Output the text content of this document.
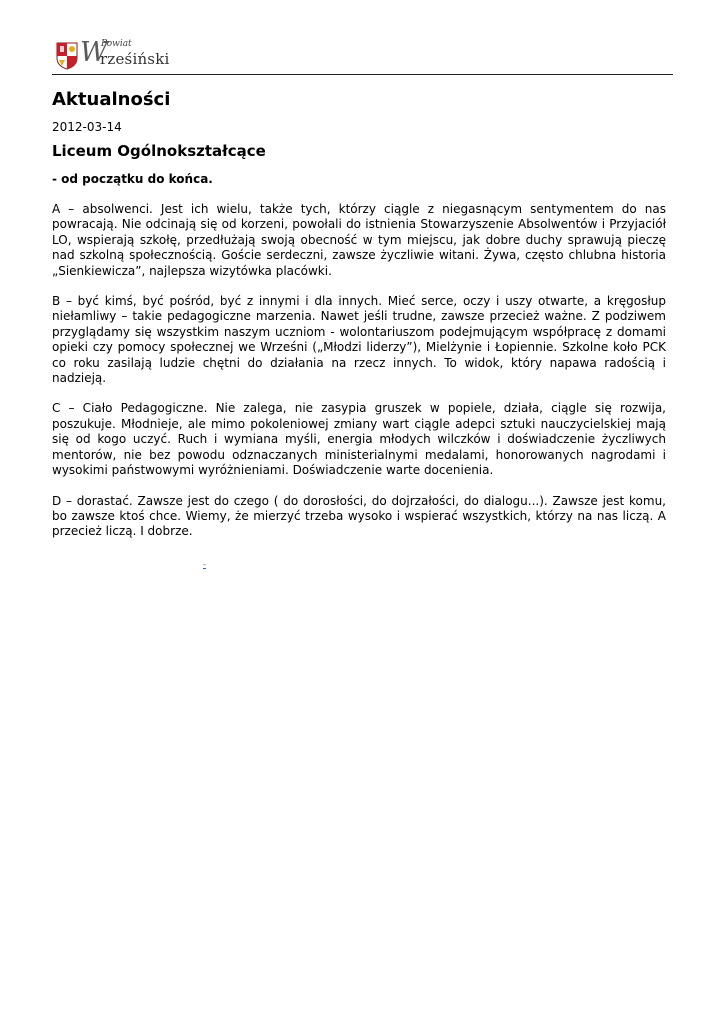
W
Powiat
rześiński
Aktualności
2012-03-14
Liceum Ogólnokształcące
- od początku do końca.

A – absolwenci. Jest ich wielu, także tych, którzy ciągle z niegasnącym sentymentem do nas powracają. Nie odcinają się od korzeni, powołali do istnienia Stowarzyszenie Absolwentów i Przyjaciół LO, wspierają szkołę, przedłużają swoją obecność w tym miejscu, jak dobre duchy sprawują pieczę nad szkolną społecznością. Goście serdeczni, zawsze życzliwie witani. Żywa, często chlubna historia „Sienkiewicza”, najlepsza wizytówka placówki.

B – być kimś, być pośród, być z innymi i dla innych. Mieć serce, oczy i uszy otwarte, a kręgosłup niełamliwy – takie pedagogiczne marzenia. Nawet jeśli trudne, zawsze przecież ważne. Z podziwem przyglądamy się wszystkim naszym uczniom - wolontariuszom podejmującym współpracę z domami opieki czy pomocy społecznej we Wrześni („Młodzi liderzy”), Mielżynie i Łopiennie. Szkolne koło PCK co roku zasilają ludzie chętni do działania na rzecz innych. To widok, który napawa radością i nadzieją.

C – Ciało Pedagogiczne. Nie zalega, nie zasypia gruszek w popiele, działa, ciągle się rozwija, poszukuje. Młodnieje, ale mimo pokoleniowej zmiany wart ciągle adepci sztuki nauczycielskiej mają się od kogo uczyć. Ruch i wymiana myśli, energia młodych wilczków i doświadczenie życzliwych mentorów, nie bez powodu odznaczanych ministerialnymi medalami, honorowanych nagrodami i wysokimi państwowymi wyróżnieniami. Doświadczenie warte docenienia.

D – dorastać. Zawsze jest do czego ( do dorosłości, do dojrzałości, do dialogu...). Zawsze jest komu, bo zawsze ktoś chce. Wiemy, że mierzyć trzeba wysoko i wspierać wszystkich, którzy na nas liczą. A przecież liczą. I dobrze.

-
